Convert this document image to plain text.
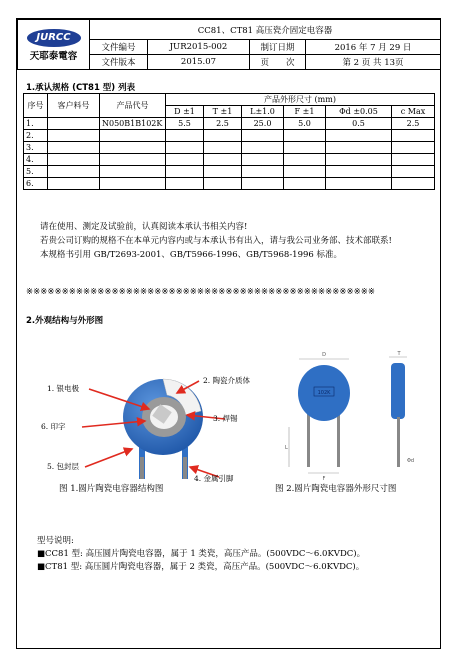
JURCC
天耶泰電容	CC81、CT81 高压瓷介固定电容器			
	文件编号	JUR2015-002	制订日期	2016 年 7 月 29 日
	文件版本	2015.07	页　　次	第 2 页 共 13页
1.承认规格 (CT81 型) 列表
序号	客户料号	产品代号	产品外形尺寸 (mm)					
			D ±1	T ±1	L±1.0	F ±1	Φd ±0.05	c Max
1.		N050B1B102K	5.5	2.5	25.0	5.0	0.5	2.5
2.								
3.								
4.								
5.								
6.								

请在使用、测定及试验前，认真阅读本承认书相关内容!

若贵公司订购的规格不在本单元内容内或与本承认书有出入，请与我公司业务部、技术部联系!

本规格书引用 GB/T2693-2001、GB/T5966-1996、GB/T5968-1996 标准。

※※※※※※※※※※※※※※※※※※※※※※※※※※※※※※※※※※※※※※※※※※※※※※※※※
2.外观结构与外形图
1. 银电极
2. 陶瓷介质体
3. 焊锡
4. 金属引脚
5. 包封层
6. 印字
102K
D
F
L
T
Φd
图 1.圆片陶瓷电容器结构图	图 2.圆片陶瓷电容器外形尺寸图

型号说明:

■CC81 型: 高压圆片陶瓷电容器，属于 1 类瓷，高压产品。(500VDC～6.0KVDC)。

■CT81 型: 高压圆片陶瓷电容器，属于 2 类瓷，高压产品。(500VDC～6.0KVDC)。
